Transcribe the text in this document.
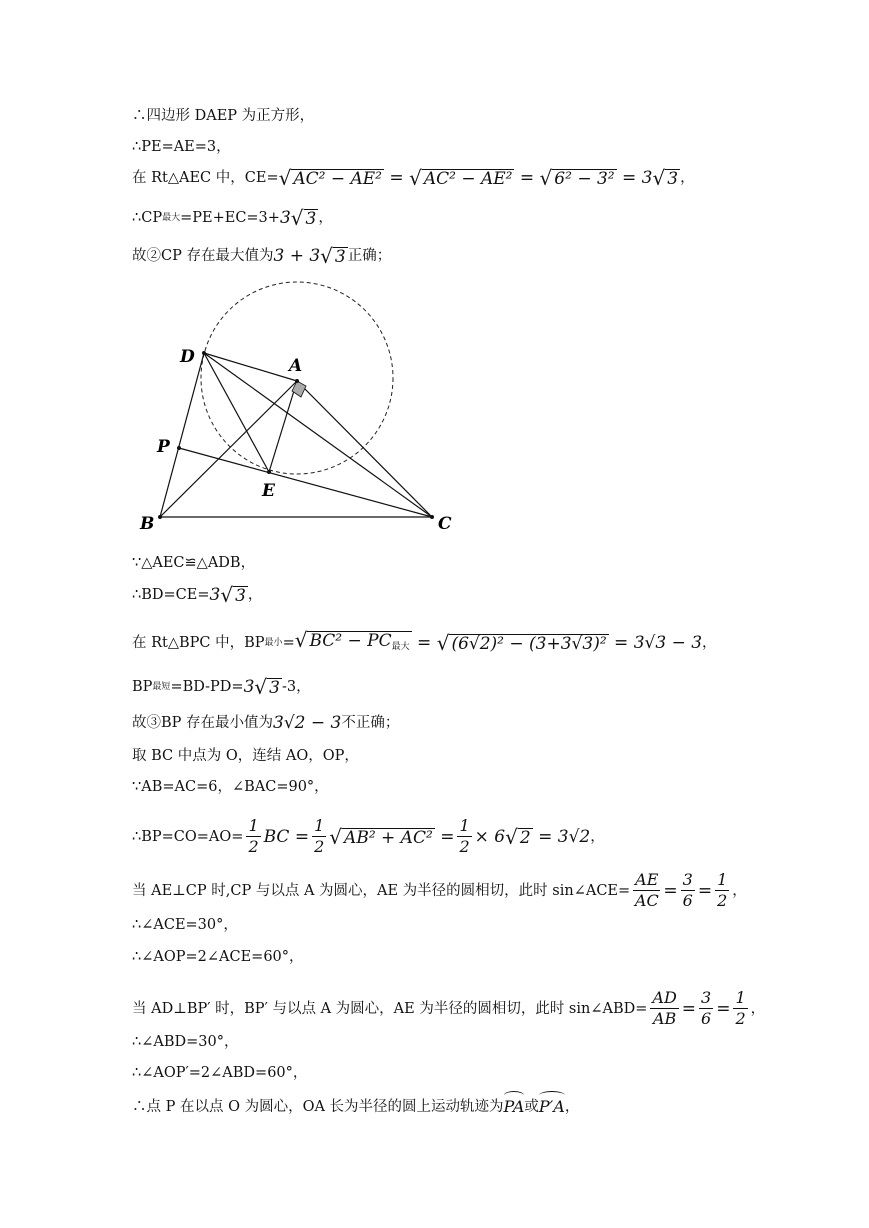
∴四边形 DAEP 为正方形，
∴PE=AE=3，
在 Rt△AEC 中，CE= √ AC² − AE² = √ AC² − AE² = √ 6² − 3² = 3 √ 3 ，
∴CP 最大 =PE+EC=3+ 3 √ 3 ，
故②CP 存在最大值为 3 + 3 √ 3 正确；
D	A
P
E
B	C
∵△AEC≌△ADB，
∴BD=CE= 3 √ 3 ，
在 Rt△BPC 中，BP 最小 = √ $BC^2 - PC_{最大}$ = √ (6√2)² − (3+3√3)² = 3√3 − 3 ，
BP 最短 =BD-PD= 3 √ 3 -3，
故③BP 存在最小值为 3√2 − 3 不正确；
取 BC 中点为 O，连结 AO，OP，
∵AB=AC=6，∠BAC=90°，
∴BP=CO=AO= $\frac{1}{2}$ BC = $\frac{1}{2}$ √ $AB^2 + AC^2 = \frac{1}{2} \times 6$ √ 2 = 3√2 ，
当 AE⊥CP 时,CP 与以点 A 为圆心，AE 为半径的圆相切，此时 sin∠ACE= $\frac{AE}{AC} = \frac{3}{6} = \frac{1}{2}$ ，
∴∠ACE=30°，
∴∠AOP=2∠ACE=60°，
当 AD⊥BP′ 时，BP′ 与以点 A 为圆心，AE 为半径的圆相切，此时 sin∠ABD= $\frac{AD}{AB} = \frac{3}{6} = \frac{1}{2}$ ，
∴∠ABD=30°，
∴∠AOP′=2∠ABD=60°，
∴点 P 在以点 O 为圆心，OA 长为半径的圆上运动轨迹为 PA 或 P′A ，
